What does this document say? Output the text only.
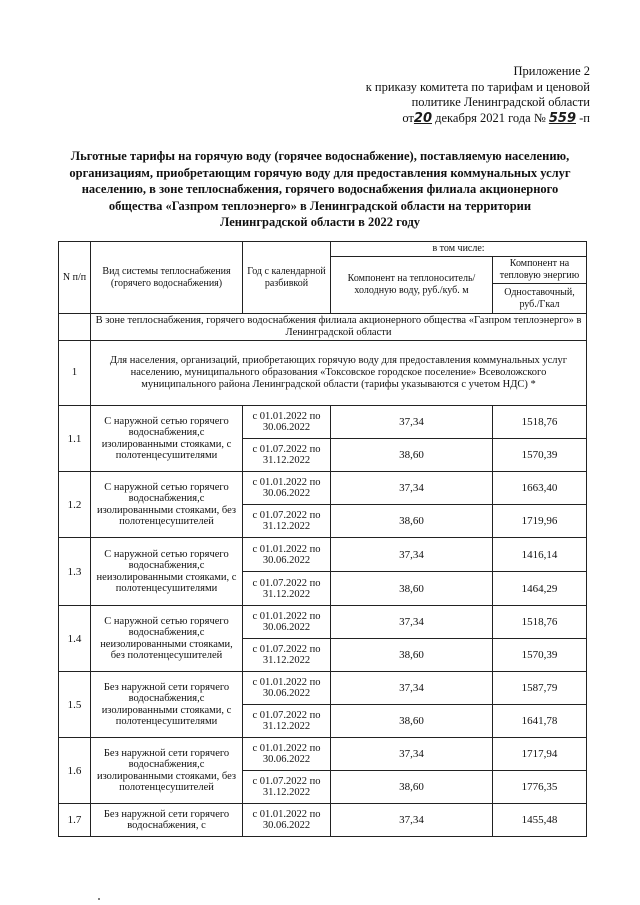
Приложение 2
к приказу комитета по тарифам и ценовой
политике Ленинградской области
от20 декабря 2021 года № 559 -п
Льготные тарифы на горячую воду (горячее водоснабжение), поставляемую населению,
организациям, приобретающим горячую воду для предоставления коммунальных услуг
населению, в зоне теплоснабжения, горячего водоснабжения филиала акционерного
общества «Газпром теплоэнерго» в Ленинградской области на территории
Ленинградской области в 2022 году
N п/п	Вид системы теплоснабжения (горячего водоснабжения)	Год с календарной разбивкой	в том числе:	
			Компонент на теплоноситель/холодную воду, руб./куб. м	Компонент на тепловую энергию
				Одноставочный, руб./Гкал
	В зоне теплоснабжения, горячего водоснабжения филиала акционерного общества «Газпром теплоэнерго» в Ленинградской области			
1	Для населения, организаций, приобретающих горячую воду для предоставления коммунальных услуг населению, муниципального образования «Токсовское городское поселение» Всеволожского муниципального района Ленинградской области (тарифы указываются с учетом НДС) *			
1.1	С наружной сетью горячего водоснабжения,с изолированными стояками, с полотенцесушителями	с 01.01.2022 по 30.06.2022	37,34	1518,76
		с 01.07.2022 по 31.12.2022	38,60	1570,39
1.2	С наружной сетью горячего водоснабжения,с изолированными стояками, без полотенцесушителей	с 01.01.2022 по 30.06.2022	37,34	1663,40
		с 01.07.2022 по 31.12.2022	38,60	1719,96
1.3	С наружной сетью горячего водоснабжения,с неизолированными стояками, с полотенцесушителями	с 01.01.2022 по 30.06.2022	37,34	1416,14
		с 01.07.2022 по 31.12.2022	38,60	1464,29
1.4	С наружной сетью горячего водоснабжения,с неизолированными стояками, без полотенцесушителей	с 01.01.2022 по 30.06.2022	37,34	1518,76
		с 01.07.2022 по 31.12.2022	38,60	1570,39
1.5	Без наружной сети горячего водоснабжения,с изолированными стояками, с полотенцесушителями	с 01.01.2022 по 30.06.2022	37,34	1587,79
		с 01.07.2022 по 31.12.2022	38,60	1641,78
1.6	Без наружной сети горячего водоснабжения,с изолированными стояками, без полотенцесушителей	с 01.01.2022 по 30.06.2022	37,34	1717,94
		с 01.07.2022 по 31.12.2022	38,60	1776,35
1.7	Без наружной сети горячего водоснабжения, с	с 01.01.2022 по 30.06.2022	37,34	1455,48
